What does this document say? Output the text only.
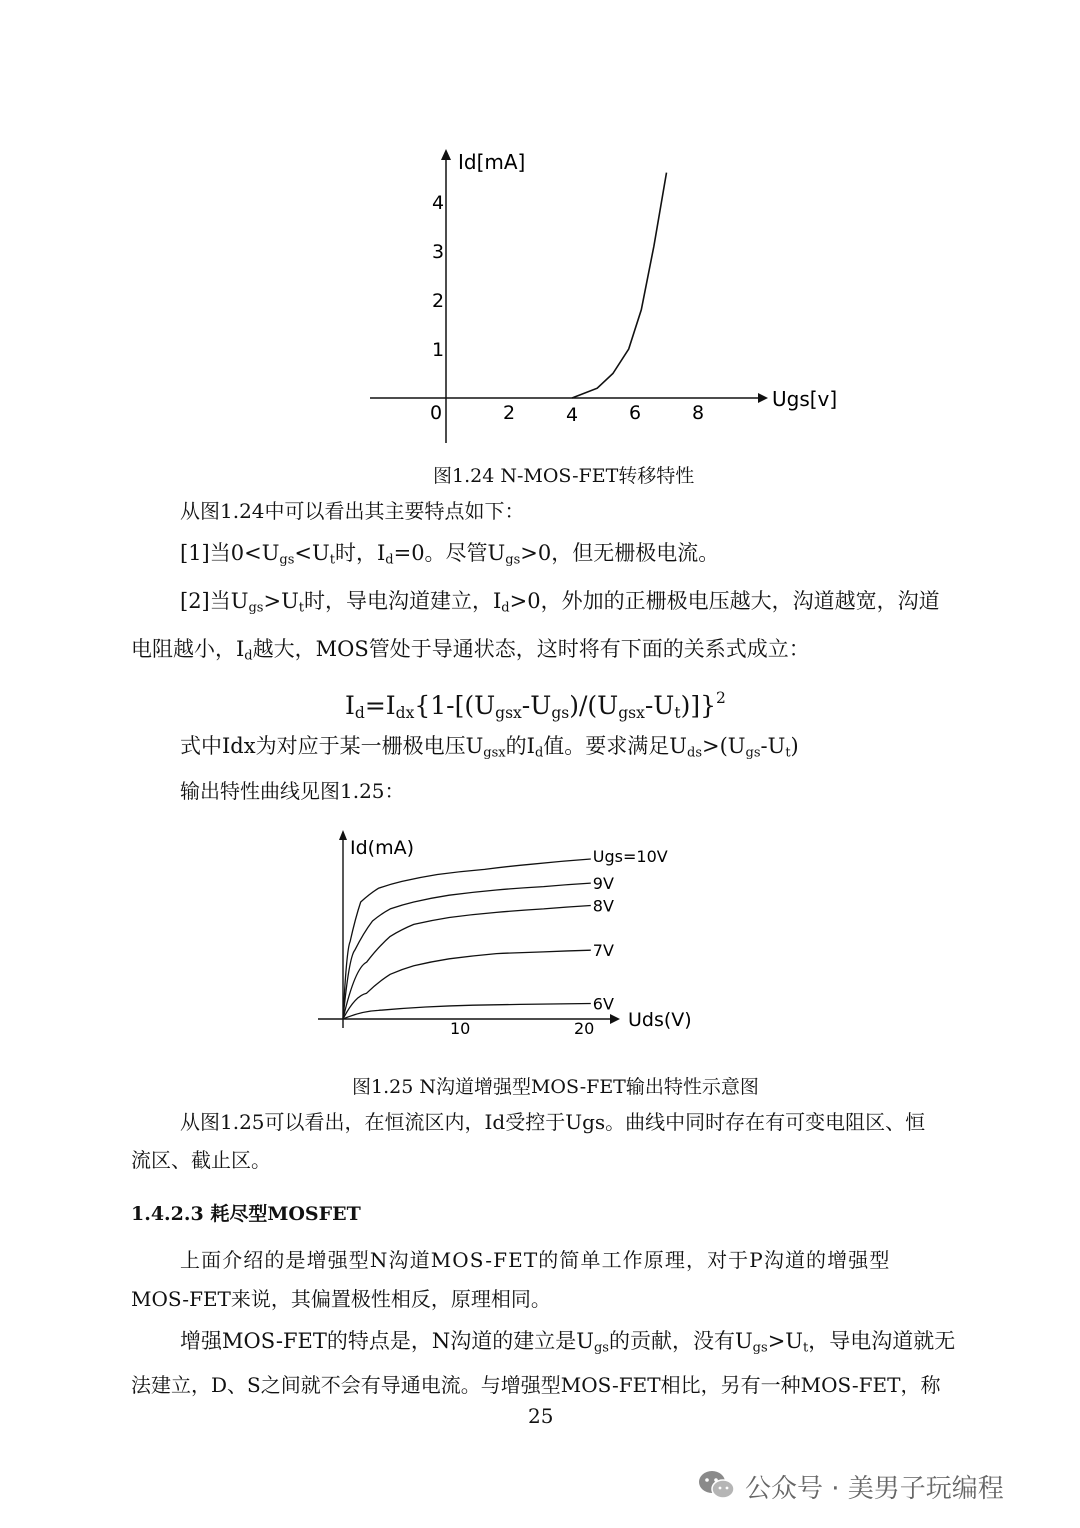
Id[mA]
Ugs[v]
0	2	4	6	8
1
2
3
4
图1.24 N-MOS-FET转移特性
从图1.24中可以看出其主要特点如下：
[1]当$0<U_{gs}<U_t$时，$I_d=0$。尽管$U_{gs}>0$，但无栅极电流。
[2]当$U_{gs}>U_t$时，导电沟道建立，$I_d>0$，外加的正栅极电压越大，沟道越宽，沟道
电阻越小，$I_d$越大，MOS管处于导通状态，这时将有下面的关系式成立：
$I_d=I_{dx}\{1-[(U_{gsx}-U_{gs})/(U_{gsx}-U_t)]\}^2$
式中Idx为对应于某一栅极电压$U_{gsx}$的$I_d$值。要求满足$U_{ds}>(U_{gs}-U_t)$
输出特性曲线见图1.25：
Id(mA)
Uds(V)
10	20
Ugs=10V
9V
8V
7V
6V
图1.25 N沟道增强型MOS-FET输出特性示意图
从图1.25可以看出，在恒流区内，Id受控于Ugs。曲线中同时存在有可变电阻区、恒
流区、截止区。
1.4.2.3 耗尽型MOSFET
上面介绍的是增强型N沟道MOS-FET的简单工作原理，对于P沟道的增强型
MOS-FET来说，其偏置极性相反，原理相同。
增强MOS-FET的特点是，N沟道的建立是$U_{gs}$的贡献，没有$U_{gs}>U_t$，导电沟道就无
法建立，D、S之间就不会有导通电流。与增强型MOS-FET相比，另有一种MOS-FET，称
25
公众号 · 美男子玩编程
